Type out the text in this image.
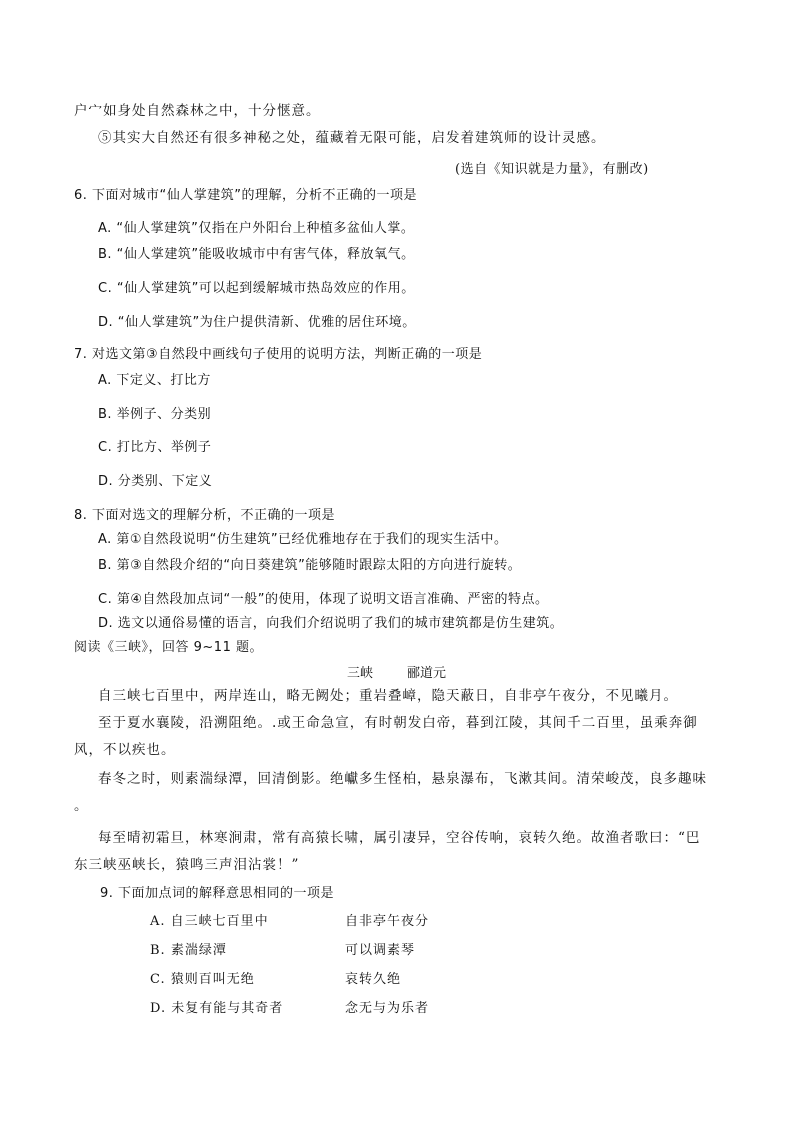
户宀如身处自然森林之中，十分惬意。
⑤其实大自然还有很多神秘之处，蕴藏着无限可能，启发着建筑师的设计灵感。
(选自《知识就是力量》，有删改)
6. 下面对城市“仙人掌建筑”的理解，分析不正确的一项是
A. “仙人掌建筑”仅指在户外阳台上种植多盆仙人掌。
B. “仙人掌建筑”能吸收城市中有害气体，释放氧气。
C. “仙人掌建筑”可以起到缓解城市热岛效应的作用。
D. “仙人掌建筑”为住户提供清新、优雅的居住环境。
7. 对选文第③自然段中画线句子使用的说明方法，判断正确的一项是
A. 下定义、打比方
B. 举例子、分类别
C. 打比方、举例子
D. 分类别、下定义
8. 下面对选文的理解分析，不正确的一项是
A. 第①自然段说明“仿生建筑”已经优雅地存在于我们的现实生活中。
B. 第③自然段介绍的“向日葵建筑”能够随时跟踪太阳的方向进行旋转。
C. 第④自然段加点词“一般”的使用，体现了说明文语言准确、严密的特点。
D. 选文以通俗易懂的语言，向我们介绍说明了我们的城市建筑都是仿生建筑。
阅读《三峡》，回答 9~11 题。
三峡	郦道元
自三峡七百里中，两岸连山，略无阙处；重岩叠嶂，隐天蔽日，自非亭午夜分，不见曦月。
至于夏水襄陵，沿溯阻绝。.或王命急宣，有时朝发白帝，暮到江陵，其间千二百里，虽乘奔御
风，不以疾也。
春冬之时，则素湍绿潭，回清倒影。绝巘多生怪柏，悬泉瀑布，飞漱其间。清荣峻茂，良多趣味
。
每至晴初霜旦，林寒涧肃，常有高猿长啸，属引凄异，空谷传响，哀转久绝。故渔者歌曰：“巴
东三峡巫峡长，猿鸣三声泪沾裳！”
9. 下面加点词的解释意思相同的一项是
A. 自三峡七百里中	自非亭午夜分
B. 素湍绿潭	可以调素琴
C. 猿则百叫无绝	哀转久绝
D. 未复有能与其奇者	念无与为乐者
